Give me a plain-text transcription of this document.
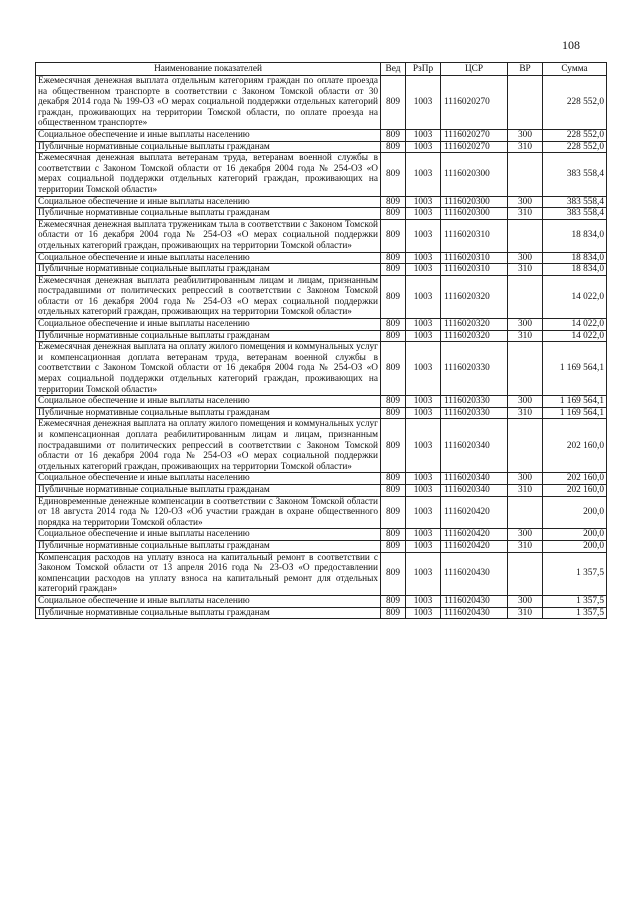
108
Наименование показателей	Вед	РзПр	ЦСР	ВР	Сумма
Ежемесячная денежная выплата отдельным категориям граждан по оплате проезда на общественном транспорте в соответствии с Законом Томской области от 30 декабря 2014 года № 199-ОЗ «О мерах социальной поддержки отдельных категорий граждан, проживающих на территории Томской области, по оплате проезда на общественном транспорте»	809	1003	1116020270		228 552,0
Социальное обеспечение и иные выплаты населению	809	1003	1116020270	300	228 552,0
Публичные нормативные социальные выплаты гражданам	809	1003	1116020270	310	228 552,0
Ежемесячная денежная выплата ветеранам труда, ветеранам военной службы в соответствии с Законом Томской области от 16 декабря 2004 года № 254-ОЗ «О мерах социальной поддержки отдельных категорий граждан, проживающих на территории Томской области»	809	1003	1116020300		383 558,4
Социальное обеспечение и иные выплаты населению	809	1003	1116020300	300	383 558,4
Публичные нормативные социальные выплаты гражданам	809	1003	1116020300	310	383 558,4
Ежемесячная денежная выплата труженикам тыла в соответствии с Законом Томской области от 16 декабря 2004 года № 254-ОЗ «О мерах социальной поддержки отдельных категорий граждан, проживающих на территории Томской области»	809	1003	1116020310		18 834,0
Социальное обеспечение и иные выплаты населению	809	1003	1116020310	300	18 834,0
Публичные нормативные социальные выплаты гражданам	809	1003	1116020310	310	18 834,0
Ежемесячная денежная выплата реабилитированным лицам и лицам, признанным пострадавшими от политических репрессий в соответствии с Законом Томской области от 16 декабря 2004 года № 254-ОЗ «О мерах социальной поддержки отдельных категорий граждан, проживающих на территории Томской области»	809	1003	1116020320		14 022,0
Социальное обеспечение и иные выплаты населению	809	1003	1116020320	300	14 022,0
Публичные нормативные социальные выплаты гражданам	809	1003	1116020320	310	14 022,0
Ежемесячная денежная выплата на оплату жилого помещения и коммунальных услуг и компенсационная доплата ветеранам труда, ветеранам военной службы в соответствии с Законом Томской области от 16 декабря 2004 года № 254-ОЗ «О мерах социальной поддержки отдельных категорий граждан, проживающих на территории Томской области»	809	1003	1116020330		1 169 564,1
Социальное обеспечение и иные выплаты населению	809	1003	1116020330	300	1 169 564,1
Публичные нормативные социальные выплаты гражданам	809	1003	1116020330	310	1 169 564,1
Ежемесячная денежная выплата на оплату жилого помещения и коммунальных услуг и компенсационная доплата реабилитированным лицам и лицам, признанным пострадавшими от политических репрессий в соответствии с Законом Томской области от 16 декабря 2004 года № 254-ОЗ «О мерах социальной поддержки отдельных категорий граждан, проживающих на территории Томской области»	809	1003	1116020340		202 160,0
Социальное обеспечение и иные выплаты населению	809	1003	1116020340	300	202 160,0
Публичные нормативные социальные выплаты гражданам	809	1003	1116020340	310	202 160,0
Единовременные денежные компенсации в соответствии с Законом Томской области от 18 августа 2014 года № 120-ОЗ «Об участии граждан в охране общественного порядка на территории Томской области»	809	1003	1116020420		200,0
Социальное обеспечение и иные выплаты населению	809	1003	1116020420	300	200,0
Публичные нормативные социальные выплаты гражданам	809	1003	1116020420	310	200,0
Компенсация расходов на уплату взноса на капитальный ремонт в соответствии с Законом Томской области от 13 апреля 2016 года № 23-ОЗ «О предоставлении компенсации расходов на уплату взноса на капитальный ремонт для отдельных категорий граждан»	809	1003	1116020430		1 357,5
Социальное обеспечение и иные выплаты населению	809	1003	1116020430	300	1 357,5
Публичные нормативные социальные выплаты гражданам	809	1003	1116020430	310	1 357,5
